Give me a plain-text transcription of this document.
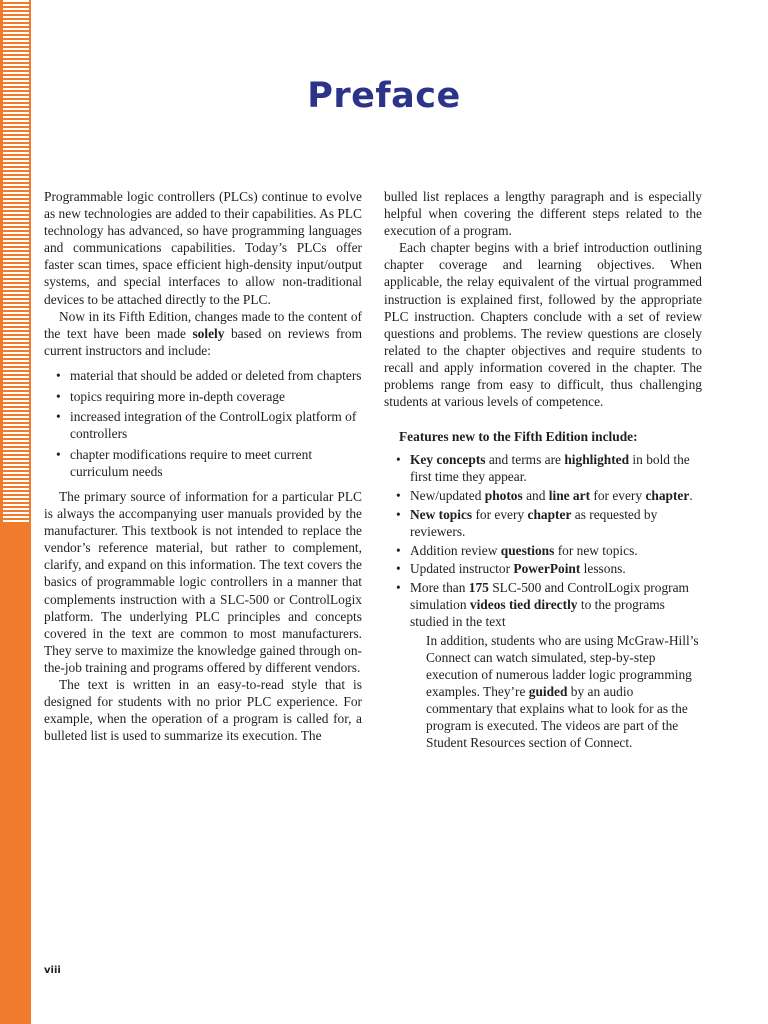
Preface

Programmable logic controllers (PLCs) continue to evolve as new technologies are added to their capabilities. As PLC technology has advanced, so have programming languages and communications capabilities. Today’s PLCs offer faster scan times, space efficient high-density input/output systems, and special interfaces to allow non-traditional devices to be attached directly to the PLC.

Now in its Fifth Edition, changes made to the content of the text have been made solely based on reviews from current instructors and include:

• material that should be added or deleted from chapters
• topics requiring more in-depth coverage
• increased integration of the ControlLogix platform of controllers
• chapter modifications require to meet current curriculum needs

The primary source of information for a particular PLC is always the accompanying user manuals provided by the manufacturer. This textbook is not intended to replace the vendor’s reference material, but rather to complement, clarify, and expand on this information. The text covers the basics of programmable logic controllers in a manner that complements instruction with a SLC-500 or ControlLogix platform. The underlying PLC principles and concepts covered in the text are common to most manufacturers. They serve to maximize the knowledge gained through on-the-job training and programs offered by different vendors.

The text is written in an easy-to-read style that is designed for students with no prior PLC experience. For example, when the operation of a program is called for, a bulleted list is used to summarize its execution. The

bulled list replaces a lengthy paragraph and is especially helpful when covering the different steps related to the execution of a program.

Each chapter begins with a brief introduction outlining chapter coverage and learning objectives. When applicable, the relay equivalent of the virtual programmed instruction is explained first, followed by the appropriate PLC instruction. Chapters conclude with a set of review questions and problems. The review questions are closely related to the chapter objectives and require students to recall and apply information covered in the chapter. The problems range from easy to difficult, thus challenging students at various levels of competence.

Features new to the Fifth Edition include:

• Key concepts and terms are highlighted in bold the first time they appear.
• New/updated photos and line art for every chapter.
• New topics for every chapter as requested by reviewers.
• Addition review questions for new topics.
• Updated instructor PowerPoint lessons.
• More than 175 SLC-500 and ControlLogix program simulation videos tied directly to the programs studied in the text

In addition, students who are using McGraw-Hill’s Connect can watch simulated, step-by-step execution of numerous ladder logic programming examples. They’re guided by an audio commentary that explains what to look for as the program is executed. The videos are part of the Student Resources section of Connect.

viii
